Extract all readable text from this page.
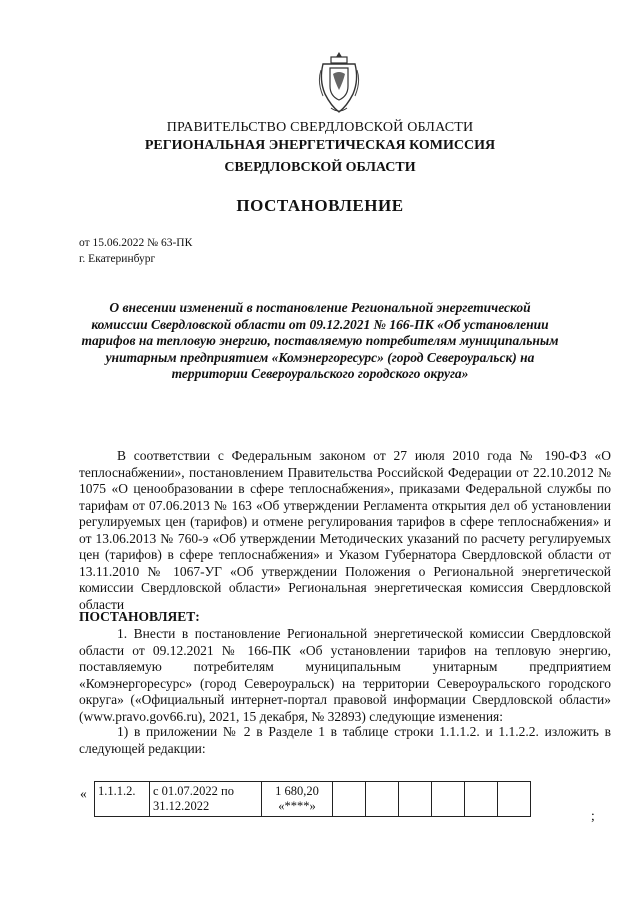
ПРАВИТЕЛЬСТВО СВЕРДЛОВСКОЙ ОБЛАСТИ
РЕГИОНАЛЬНАЯ ЭНЕРГЕТИЧЕСКАЯ КОМИССИЯ
СВЕРДЛОВСКОЙ ОБЛАСТИ
ПОСТАНОВЛЕНИЕ
от 15.06.2022 № 63-ПК
г. Екатеринбург
О внесении изменений в постановление Региональной энергетической комиссии Свердловской области от 09.12.2021 № 166-ПК «Об установлении тарифов на тепловую энергию, поставляемую потребителям муниципальным унитарным предприятием «Комэнергоресурс» (город Североуральск) на территории Североуральского городского округа»
В соответствии с Федеральным законом от 27 июля 2010 года № 190-ФЗ «О теплоснабжении», постановлением Правительства Российской Федерации от 22.10.2012 № 1075 «О ценообразовании в сфере теплоснабжения», приказами Федеральной службы по тарифам от 07.06.2013 № 163 «Об утверждении Регламента открытия дел об установлении регулируемых цен (тарифов) и отмене регулирования тарифов в сфере теплоснабжения» и от 13.06.2013 № 760-э «Об утверждении Методических указаний по расчету регулируемых цен (тарифов) в сфере теплоснабжения» и Указом Губернатора Свердловской области от 13.11.2010 № 1067-УГ «Об утверждении Положения о Региональной энергетической комиссии Свердловской области» Региональная энергетическая комиссия Свердловской области
ПОСТАНОВЛЯЕТ:
1. Внести в постановление Региональной энергетической комиссии Свердловской области от 09.12.2021 № 166-ПК «Об установлении тарифов на тепловую энергию, поставляемую потребителям муниципальным унитарным предприятием «Комэнергоресурс» (город Североуральск) на территории Североуральского городского округа» («Официальный интернет-портал правовой информации Свердловской области» (www.pravo.gov66.ru), 2021, 15 декабря, № 32893) следующие изменения:
1) в приложении № 2 в Разделе 1 в таблице строки 1.1.1.2. и 1.1.2.2. изложить в следующей редакции:
« 1.1.1.2.	с 01.07.2022 по 31.12.2022	1 680,20 «****»						
;
